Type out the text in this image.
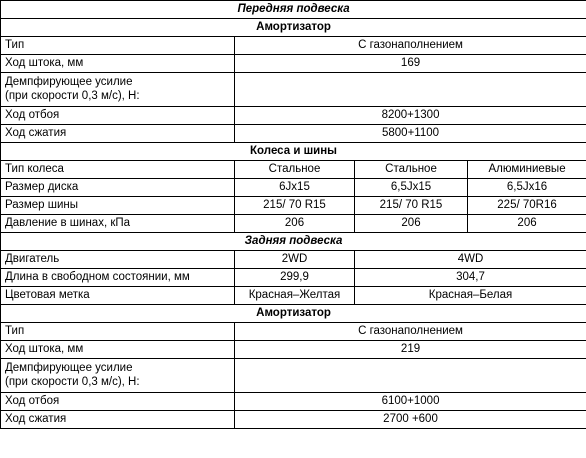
Передняя подвеска			
Амортизатор			
Тип	С газонаполнением		
Ход штока, мм	169		

Демпфирующее усилие
(при скорости 0,3 м/с), Н:			

Ход отбоя	8200+1300		
Ход сжатия	5800+1100		
Колеса и шины			
Тип колеса	Стальное	Стальное	Алюминиевые
Размер диска	6Jx15	6,5Jx15	6,5Jx16
Размер шины	215/ 70 R15	215/ 70 R15	225/ 70R16
Давление в шинах, кПа	206	206	206
Задняя подвеска			
Двигатель	2WD	4WD	
Длина в свободном состоянии, мм	299,9	304,7	
Цветовая метка	Красная–Желтая	Красная–Белая	
Амортизатор			
Тип	С газонаполнением		
Ход штока, мм	219		

Демпфирующее усилие
(при скорости 0,3 м/с), Н:			

Ход отбоя	6100+1000		
Ход сжатия	2700 +600		
